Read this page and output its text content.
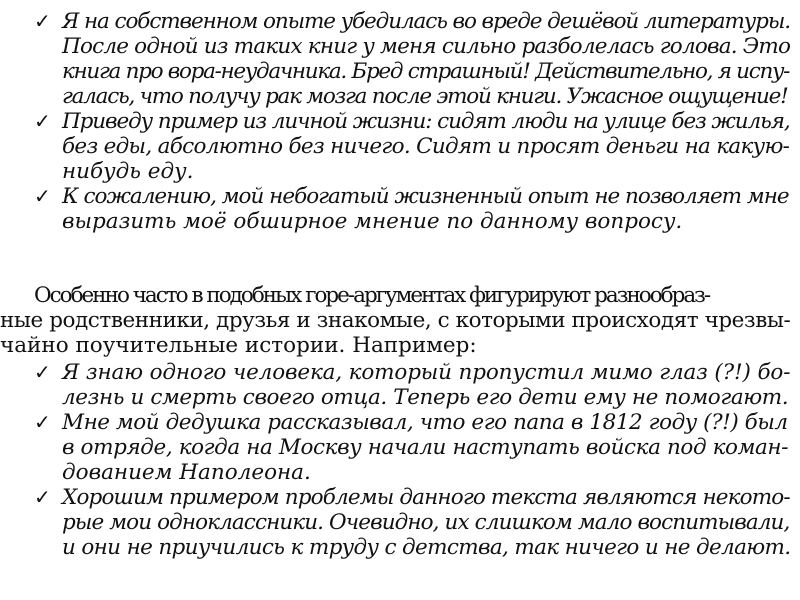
✓ Я на собственном опыте убедилась во вреде дешёвой литературы.
После одной из таких книг у меня сильно разболелась голова. Это
книга про вора-неудачника. Бред страшный! Действительно, я испу-
галась, что получу рак мозга после этой книги. Ужасное ощущение!
✓ Приведу пример из личной жизни: сидят люди на улице без жилья,
без еды, абсолютно без ничего. Сидят и просят деньги на какую-
нибудь еду.
✓ К сожалению, мой небогатый жизненный опыт не позволяет мне
выразить моё обширное мнение по данному вопросу.

Особенно часто в подобных горе-аргументах фигурируют разнообраз-
ные родственники, друзья и знакомые, с которыми происходят чрезвы-
чайно поучительные истории. Например:

✓ Я знаю одного человека, который пропустил мимо глаз (?!) бо-
лезнь и смерть своего отца. Теперь его дети ему не помогают.
✓ Мне мой дедушка рассказывал, что его папа в 1812 году (?!) был
в отряде, когда на Москву начали наступать войска под коман-
дованием Наполеона.
✓ Хорошим примером проблемы данного текста являются некото-
рые мои одноклассники. Очевидно, их слишком мало воспитывали,
и они не приучились к труду с детства, так ничего и не делают.
